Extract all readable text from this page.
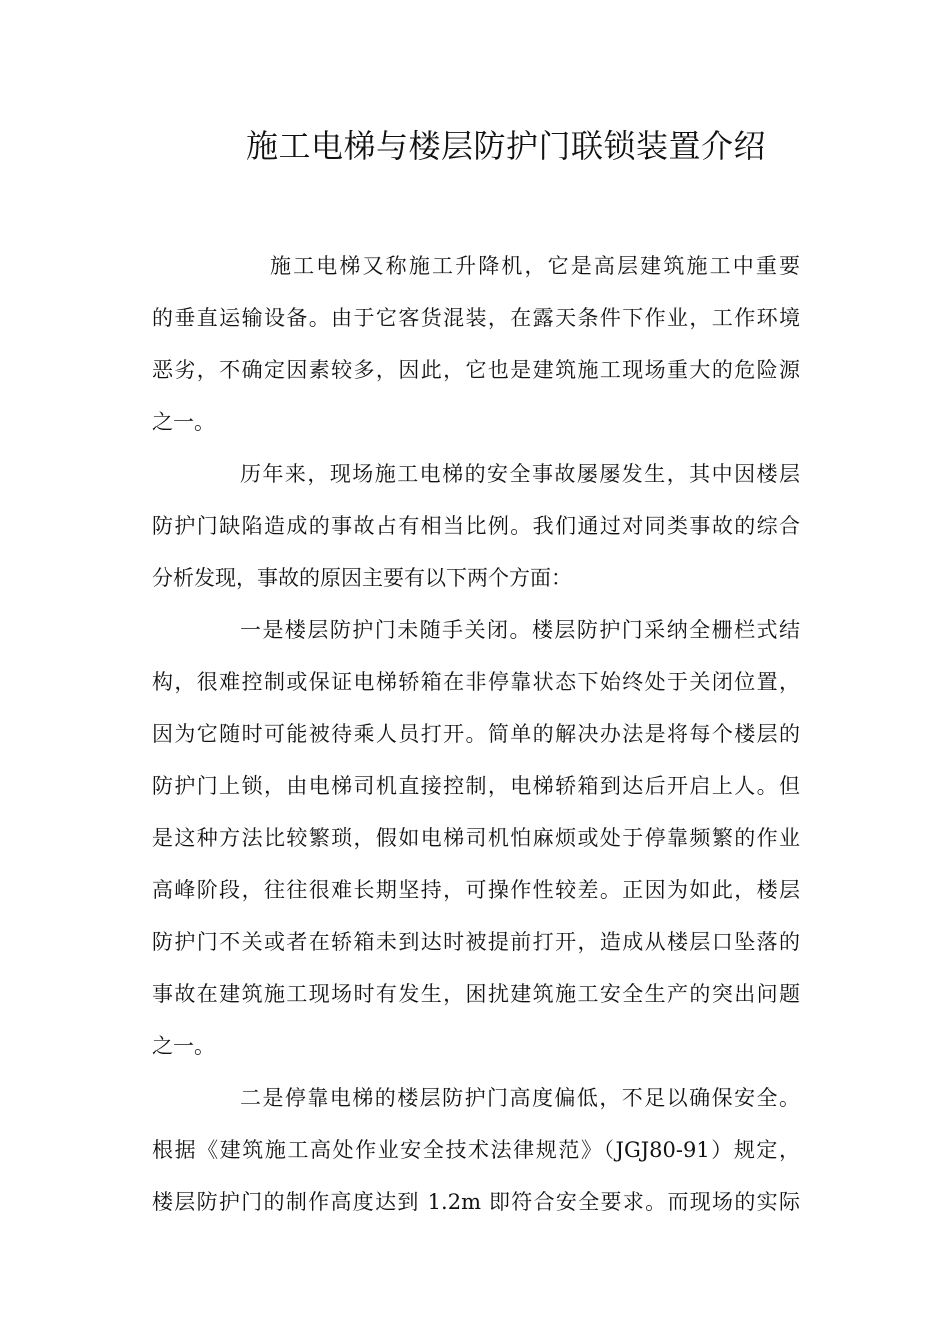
施工电梯与楼层防护门联锁装置介绍
施工电梯又称施工升降机，它是高层建筑施工中重要
的垂直运输设备。由于它客货混装，在露天条件下作业，工作环境
恶劣，不确定因素较多，因此，它也是建筑施工现场重大的危险源
之一。
历年来，现场施工电梯的安全事故屡屡发生，其中因楼层
防护门缺陷造成的事故占有相当比例。我们通过对同类事故的综合
分析发现，事故的原因主要有以下两个方面：
一是楼层防护门未随手关闭。楼层防护门采纳全栅栏式结
构，很难控制或保证电梯轿箱在非停靠状态下始终处于关闭位置，
因为它随时可能被待乘人员打开。简单的解决办法是将每个楼层的
防护门上锁，由电梯司机直接控制，电梯轿箱到达后开启上人。但
是这种方法比较繁琐，假如电梯司机怕麻烦或处于停靠频繁的作业
高峰阶段，往往很难长期坚持，可操作性较差。正因为如此，楼层
防护门不关或者在轿箱未到达时被提前打开，造成从楼层口坠落的
事故在建筑施工现场时有发生，困扰建筑施工安全生产的突出问题
之一。
二是停靠电梯的楼层防护门高度偏低，不足以确保安全。
根据《建筑施工高处作业安全技术法律规范》（JGJ80-91）规定，
楼层防护门的制作高度达到 1.2m 即符合安全要求。而现场的实际
